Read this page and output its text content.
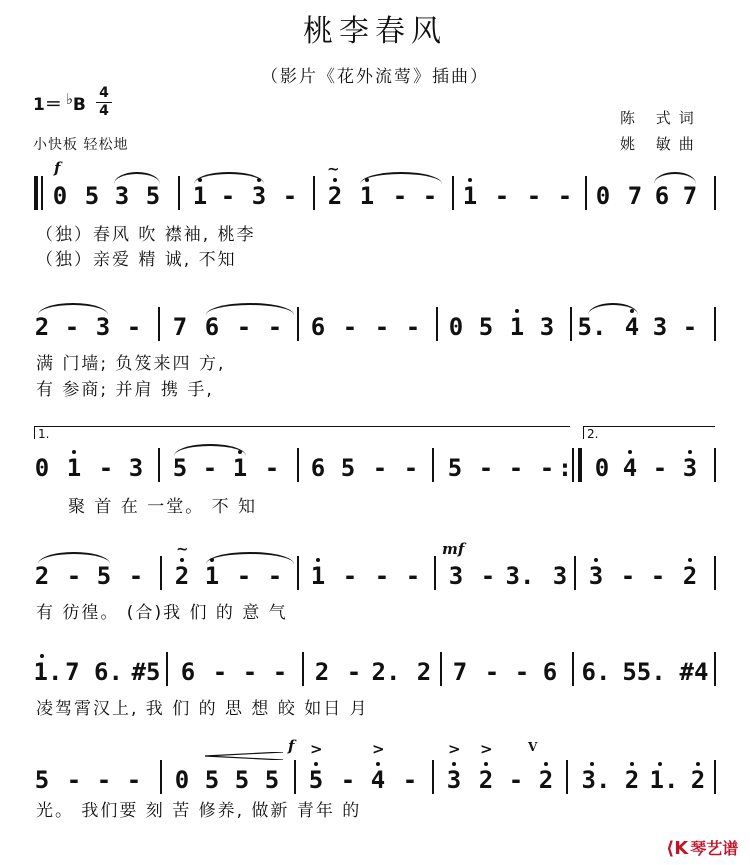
桃李春风
（影片《花外流莺》插曲）
1＝ ♭B
4
4
小快板 轻松地
陈 式词
姚 敏曲
f
0 5 3 5 1 - 3 - 2 1 - - 1 - - - 0 7 6 7
~
（独）春风 吹 襟袖, 桃李
（独）亲爱 精 诚, 不知
2 - 3 - 7 6 - - 6 - - - 0 5 1 3 5. 4 3 -
满 门墙; 负笈来四 方,
有 参商; 并肩 携 手,
1.	2.
0 1 - 3 5 - 1 - 6 5 - - 5 - - - : 0 4 - 3
聚 首 在 一堂。 不 知
mf
2 - 5 - 2 1 - - 1 - - - 3 - 3. 3 3 - - 2
~
有 彷徨。 (合)我 们 的 意 气
1. 7 6. #5 6 - - - 2 - 2. 2 7 - - 6 6. 55. #4
凌驾霄汉上, 我 们 的 思 想 皎 如日 月
f
5 - - - 0 5 5 5 5 - 4 - 3 2 - 2 3. 2 1. 2
>	>	> >	V
光。 我们要 刻 苦 修养, 做新 青年 的
⟨K 琴艺谱
